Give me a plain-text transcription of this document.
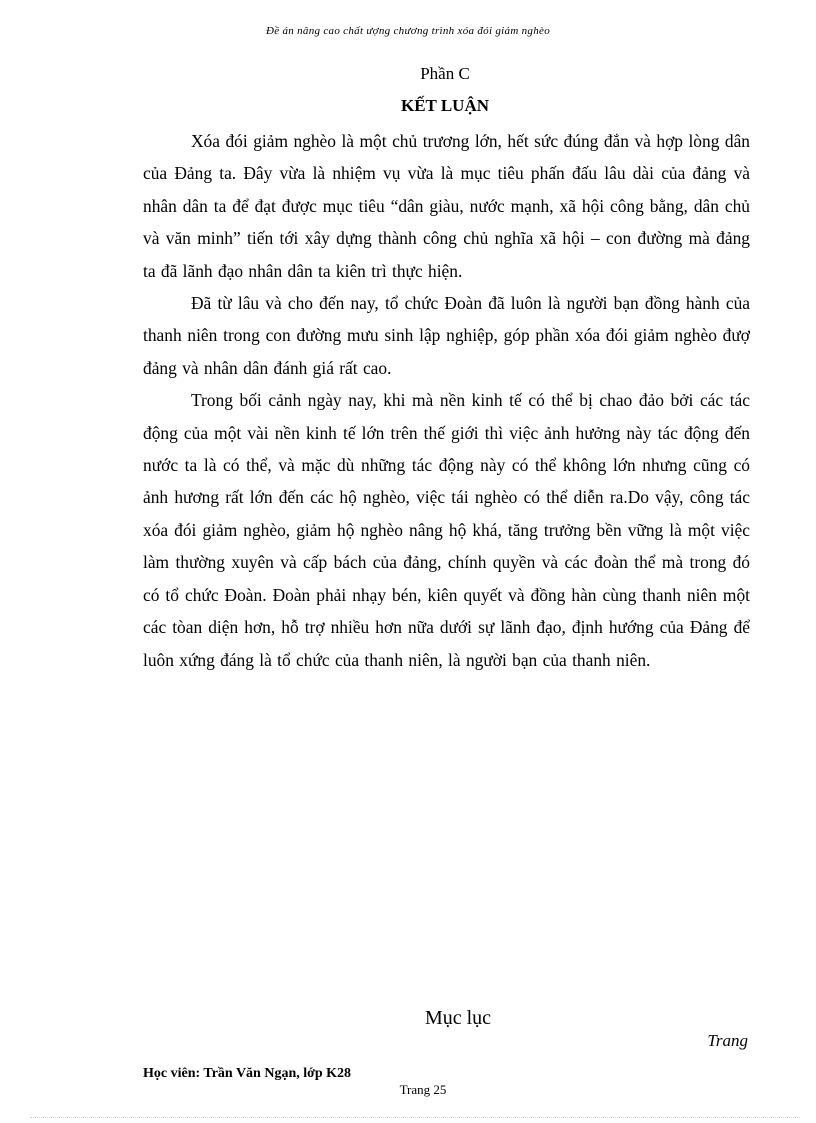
Đề án nâng cao chất ượng chương trình xóa đói giảm nghèo
Phần C
KẾT LUẬN

Xóa đói giảm nghèo là một chủ trương lớn, hết sức đúng đắn và hợp lòng dân của Đảng ta. Đây vừa là nhiệm vụ vừa là mục tiêu phấn đấu lâu dài của đảng và nhân dân ta để đạt được mục tiêu “dân giàu, nước mạnh, xã hội công bằng, dân chủ và văn minh” tiến tới xây dựng thành công chủ nghĩa xã hội – con đường mà đảng ta đã lãnh đạo nhân dân ta kiên trì thực hiện.

Đã từ lâu và cho đến nay, tổ chức Đoàn đã luôn là người bạn đồng hành của thanh niên trong con đường mưu sinh lập nghiệp, góp phần xóa đói giảm nghèo đượ đảng và nhân dân đánh giá rất cao.

Trong bối cảnh ngày nay, khi mà nền kinh tế có thể bị chao đảo bởi các tác động của một vài nền kinh tế lớn trên thế giới thì việc ảnh hưởng này tác động đến nước ta là có thể, và mặc dù những tác động này có thể không lớn nhưng cũng có ảnh hương rất lớn đến các hộ nghèo, việc tái nghèo có thể diễn ra.Do vậy, công tác xóa đói giảm nghèo, giảm hộ nghèo nâng hộ khá, tăng trưởng bền vững là một việc làm thường xuyên và cấp bách của đảng, chính quyền và các đoàn thể mà trong đó có tổ chức Đoàn. Đoàn phải nhạy bén, kiên quyết và đồng hàn cùng thanh niên một các tòan diện hơn, hỗ trợ nhiều hơn nữa dưới sự lãnh đạo, định hướng của Đảng để luôn xứng đáng là tổ chức của thanh niên, là người bạn của thanh niên.

Mục lục
Trang
Học viên: Trần Văn Ngạn, lớp K28
Trang 25
